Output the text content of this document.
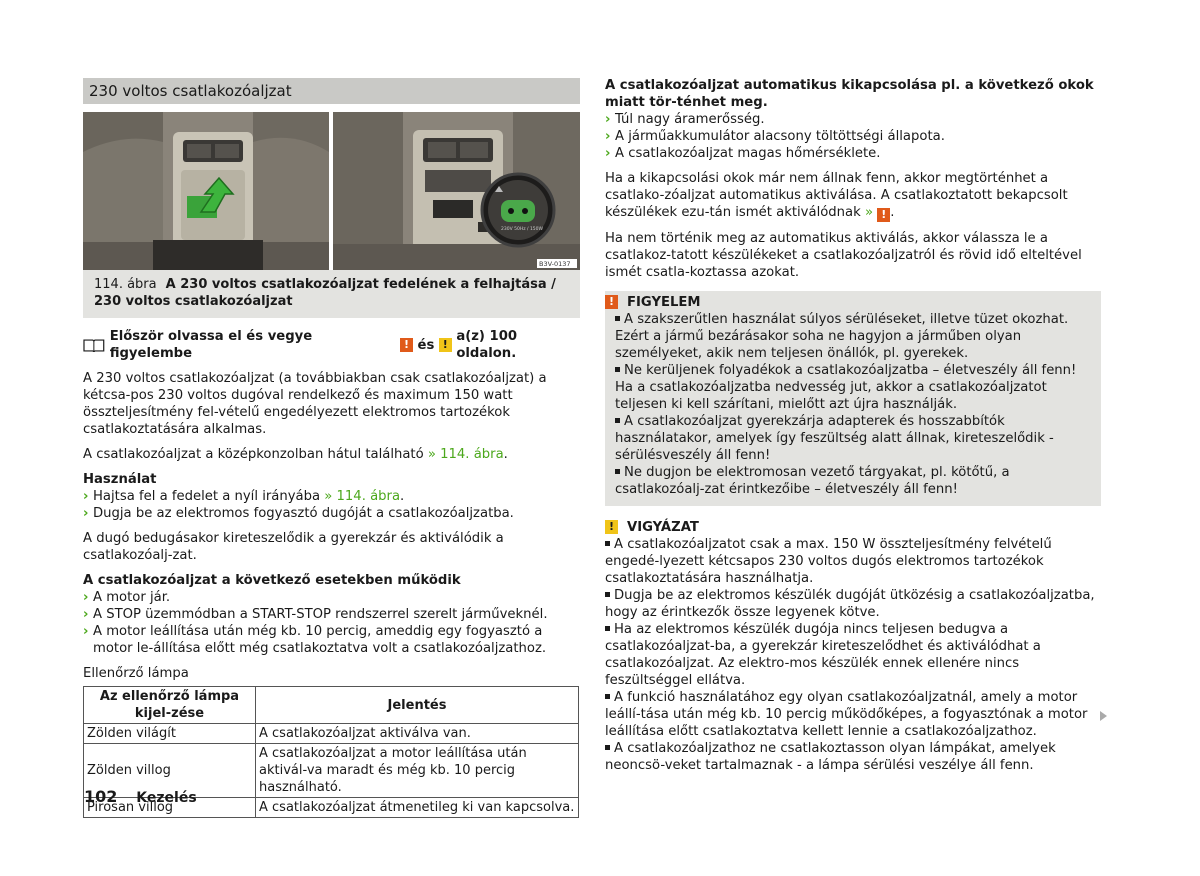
230 voltos csatlakozóaljzat
230V 50Hz / 150W
B3V-0137
114. ábra A 230 voltos csatlakozóaljzat fedelének a felhajtása / 230 voltos csatlakozóaljzat
Először olvassa el és vegye figyelembe

!
és
!

a(z) 100 oldalon.

A 230 voltos csatlakozóaljzat (a továbbiakban csak csatlakozóaljzat) a kétcsa-pos 230 voltos dugóval rendelkező és maximum 150 watt összteljesítmény fel-vételű engedélyezett elektromos tartozékok csatlakoztatására alkalmas.

A csatlakozóaljzat a középkonzolban hátul található » 114. ábra.

Használat

› Hajtsa fel a fedelet a nyíl irányába » 114. ábra.
› Dugja be az elektromos fogyasztó dugóját a csatlakozóaljzatba.

A dugó bedugásakor kireteszelődik a gyerekzár és aktiválódik a csatlakozóalj-zat.

A csatlakozóaljzat a következő esetekben működik

› A motor jár.
› A STOP üzemmódban a START-STOP rendszerrel szerelt járműveknél.
› A motor leállítása után még kb. 10 percig, ameddig egy fogyasztó a motor le-állítása előtt még csatlakoztatva volt a csatlakozóaljzathoz.

Ellenőrző lámpa

Az ellenőrző lámpa kijel-zése	Jelentés
Zölden világít	A csatlakozóaljzat aktiválva van.
Zölden villog	A csatlakozóaljzat a motor leállítása után aktivál-va maradt és még kb. 10 percig használható.
Pirosan villog	A csatlakozóaljzat átmenetileg ki van kapcsolva.

A csatlakozóaljzat automatikus kikapcsolása pl. a következő okok miatt tör-ténhet meg.

› Túl nagy áramerősség.
› A járműakkumulátor alacsony töltöttségi állapota.
› A csatlakozóaljzat magas hőmérséklete.

Ha a kikapcsolási okok már nem állnak fenn, akkor megtörténhet a csatlako-zóaljzat automatikus aktiválása. A csatlakoztatott bekapcsolt készülékek ezu-tán ismét aktiválódnak » ! .

Ha nem történik meg az automatikus aktiválás, akkor válassza le a csatlakoz-tatott készülékeket a csatlakozóaljzatról és rövid idő elteltével ismét csatla-koztassa azokat.

! FIGYELEM
A szakszerűtlen használat súlyos sérüléseket, illetve tüzet okozhat. Ezért a jármű bezárásakor soha ne hagyjon a járműben olyan személyeket, akik nem teljesen önállók, pl. gyerekek.
Ne kerüljenek folyadékok a csatlakozóaljzatba – életveszély áll fenn! Ha a csatlakozóaljzatba nedvesség jut, akkor a csatlakozóaljzatot teljesen ki kell szárítani, mielőtt azt újra használják.
A csatlakozóaljzat gyerekzárja adapterek és hosszabbítók használatakor, amelyek így feszültség alatt állnak, kireteszelődik - sérülésveszély áll fenn!
Ne dugjon be elektromosan vezető tárgyakat, pl. kötőtű, a csatlakozóalj-zat érintkezőibe – életveszély áll fenn!
! VIGYÁZAT
A csatlakozóaljzatot csak a max. 150 W összteljesítmény felvételű engedé-lyezett kétcsapos 230 voltos dugós elektromos tartozékok csatlakoztatására használhatja.
Dugja be az elektromos készülék dugóját ütközésig a csatlakozóaljzatba, hogy az érintkezők össze legyenek kötve.
Ha az elektromos készülék dugója nincs teljesen bedugva a csatlakozóaljzat-ba, a gyerekzár kireteszelődhet és aktiválódhat a csatlakozóaljzat. Az elektro-mos készülék ennek ellenére nincs feszültséggel ellátva.
A funkció használatához egy olyan csatlakozóaljzatnál, amely a motor leállí-tása után még kb. 10 percig működőképes, a fogyasztónak a motor leállítása előtt csatlakoztatva kellett lennie a csatlakozóaljzathoz.
A csatlakozóaljzathoz ne csatlakoztasson olyan lámpákat, amelyek neoncsö-veket tartalmaznak - a lámpa sérülési veszélye áll fenn.
102 Kezelés
